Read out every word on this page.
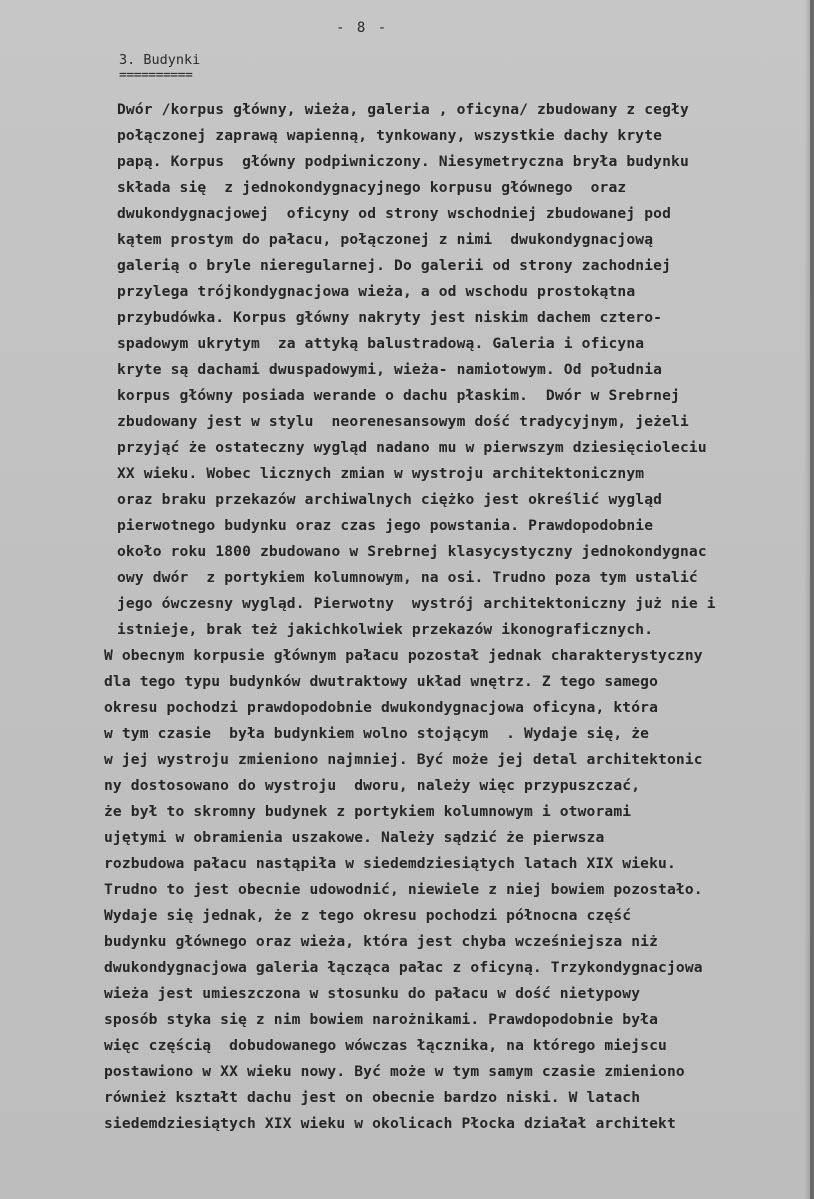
- 8 -
3. Budynki
==========
Dwór /korpus główny, wieża, galeria , oficyna/ zbudowany z cegły
połączonej zaprawą wapienną, tynkowany, wszystkie dachy kryte
papą. Korpus  główny podpiwniczony. Niesymetryczna bryła budynku
składa się  z jednokondygnacyjnego korpusu głównego  oraz
dwukondygnacjowej  oficyny od strony wschodniej zbudowanej pod
kątem prostym do pałacu, połączonej z nimi  dwukondygnacjową
galerią o bryle nieregularnej. Do galerii od strony zachodniej
przylega trójkondygnacjowa wieża, a od wschodu prostokątna
przybudówka. Korpus główny nakryty jest niskim dachem cztero-
spadowym ukrytym  za attyką balustradową. Galeria i oficyna
kryte są dachami dwuspadowymi, wieża- namiotowym. Od południa
korpus główny posiada werande o dachu płaskim.  Dwór w Srebrnej
zbudowany jest w stylu  neorenesansowym dość tradycyjnym, jeżeli
przyjąć że ostateczny wygląd nadano mu w pierwszym dziesięcioleciu
XX wieku. Wobec licznych zmian w wystroju architektonicznym
oraz braku przekazów archiwalnych ciężko jest określić wygląd
pierwotnego budynku oraz czas jego powstania. Prawdopodobnie
około roku 1800 zbudowano w Srebrnej klasycystyczny jednokondygnac
owy dwór  z portykiem kolumnowym, na osi. Trudno poza tym ustalić
jego ówczesny wygląd. Pierwotny  wystrój architektoniczny już nie i
istnieje, brak też jakichkolwiek przekazów ikonograficznych.
W obecnym korpusie głównym pałacu pozostał jednak charakterystyczny
dla tego typu budynków dwutraktowy układ wnętrz. Z tego samego
okresu pochodzi prawdopodobnie dwukondygnacjowa oficyna, która
w tym czasie  była budynkiem wolno stojącym  . Wydaje się, że
w jej wystroju zmieniono najmniej. Być może jej detal architektonic
ny dostosowano do wystroju  dworu, należy więc przypuszczać,
że był to skromny budynek z portykiem kolumnowym i otworami
ujętymi w obramienia uszakowe. Należy sądzić że pierwsza
rozbudowa pałacu nastąpiła w siedemdziesiątych latach XIX wieku.
Trudno to jest obecnie udowodnić, niewiele z niej bowiem pozostało.
Wydaje się jednak, że z tego okresu pochodzi północna część
budynku głównego oraz wieża, która jest chyba wcześniejsza niż
dwukondygnacjowa galeria łącząca pałac z oficyną. Trzykondygnacjowa
wieża jest umieszczona w stosunku do pałacu w dość nietypowy
sposób styka się z nim bowiem narożnikami. Prawdopodobnie była
więc częścią  dobudowanego wówczas łącznika, na którego miejscu
postawiono w XX wieku nowy. Być może w tym samym czasie zmieniono
również kształt dachu jest on obecnie bardzo niski. W latach
siedemdziesiątych XIX wieku w okolicach Płocka działał architekt
